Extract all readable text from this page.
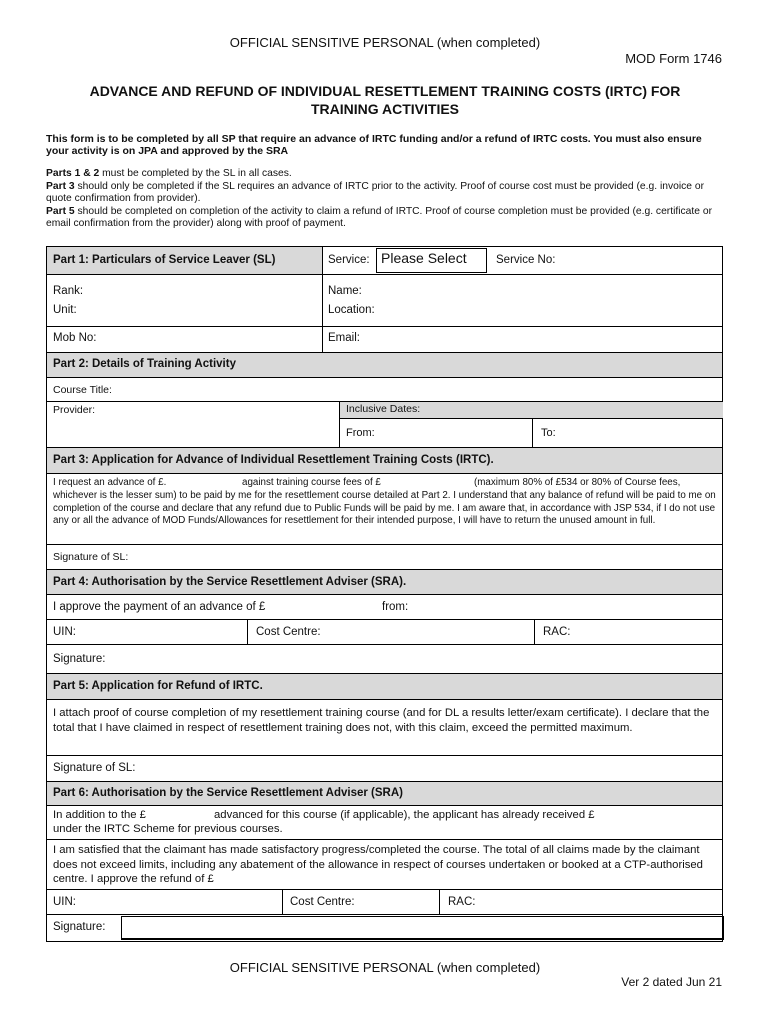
OFFICIAL SENSITIVE PERSONAL (when completed)
MOD Form 1746
ADVANCE AND REFUND OF INDIVIDUAL RESETTLEMENT TRAINING COSTS (IRTC) FOR
TRAINING ACTIVITIES
This form is to be completed by all SP that require an advance of IRTC funding and/or a refund of IRTC costs. You must also ensure your activity is on JPA and approved by the SRA

Parts 1 & 2 must be completed by the SL in all cases.

Part 3 should only be completed if the SL requires an advance of IRTC prior to the activity. Proof of course cost must be provided (e.g. invoice or quote confirmation from provider).

Part 5 should be completed on completion of the activity to claim a refund of IRTC. Proof of course completion must be provided (e.g. certificate or email confirmation from the provider) along with proof of payment.

Part 1: Particulars of Service Leaver (SL)	Service: Please Select	Service No:
Rank:
Unit:
Name:
Location:
Mob No:	Email:
Part 2: Details of Training Activity
Course Title:
Provider:	Inclusive Dates:
From:	To:
Part 3: Application for Advance of Individual Resettlement Training Costs (IRTC).
I request an advance of £.	against training course fees of £	(maximum 80% of £534 or 80% of Course fees,
whichever is the lesser sum) to be paid by me for the resettlement course detailed at Part 2. I understand that any balance of refund will be paid to me on completion of the course and declare that any refund due to Public Funds will be paid by me. I am aware that, in accordance with JSP 534, if I do not use any or all the advance of MOD Funds/Allowances for resettlement for their intended purpose, I will have to return the unused amount in full.
Signature of SL:
Part 4: Authorisation by the Service Resettlement Adviser (SRA).
I approve the payment of an advance of £	from:
UIN:	Cost Centre:	RAC:
Signature:
Part 5: Application for Refund of IRTC.
I attach proof of course completion of my resettlement training course (and for DL a results letter/exam certificate). I declare that the total that I have claimed in respect of resettlement training does not, with this claim, exceed the permitted maximum.
Signature of SL:
Part 6: Authorisation by the Service Resettlement Adviser (SRA)
In addition to the £	advanced for this course (if applicable), the applicant has already received £
under the IRTC Scheme for previous courses.
I am satisfied that the claimant has made satisfactory progress/completed the course. The total of all claims made by the claimant does not exceed limits, including any abatement of the allowance in respect of courses undertaken or booked at a CTP-authorised centre. I approve the refund of £
UIN:	Cost Centre:	RAC:
Signature:
OFFICIAL SENSITIVE PERSONAL (when completed)
Ver 2 dated Jun 21
